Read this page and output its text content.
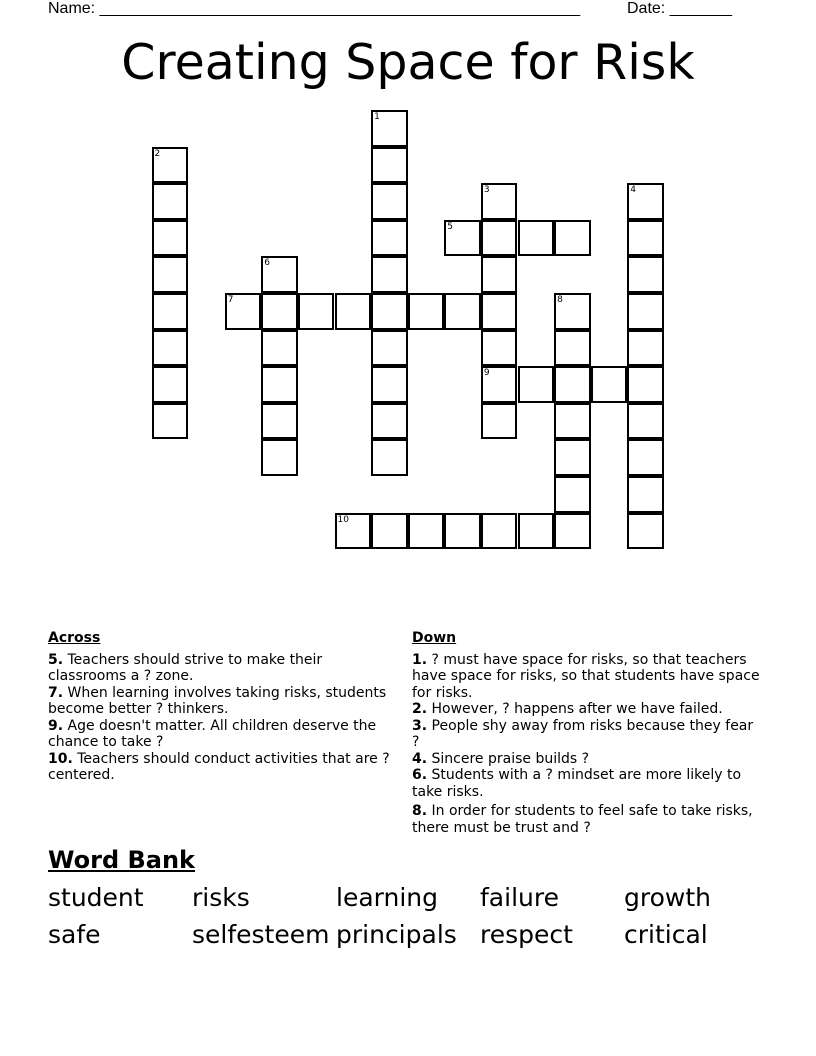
Name: ______________________________________________________	Date: _______
Creating Space for Risk
1
2
3
9
4
5
6
7	8
10
Across
5. Teachers should strive to make their classrooms a ? zone.
7. When learning involves taking risks, students become better ? thinkers.
9. Age doesn't matter. All children deserve the chance to take ?
10. Teachers should conduct activities that are ? centered.
Down
1. ? must have space for risks, so that teachers have space for risks, so that students have space for risks.
2. However, ? happens after we have failed.
3. People shy away from risks because they fear ?
4. Sincere praise builds ?
6. Students with a ? mindset are more likely to take risks.
8. In order for students to feel safe to take risks, there must be trust and ?
Word Bank
student	risks	learning	failure	growth
safe	selfesteem principals respect	critical
